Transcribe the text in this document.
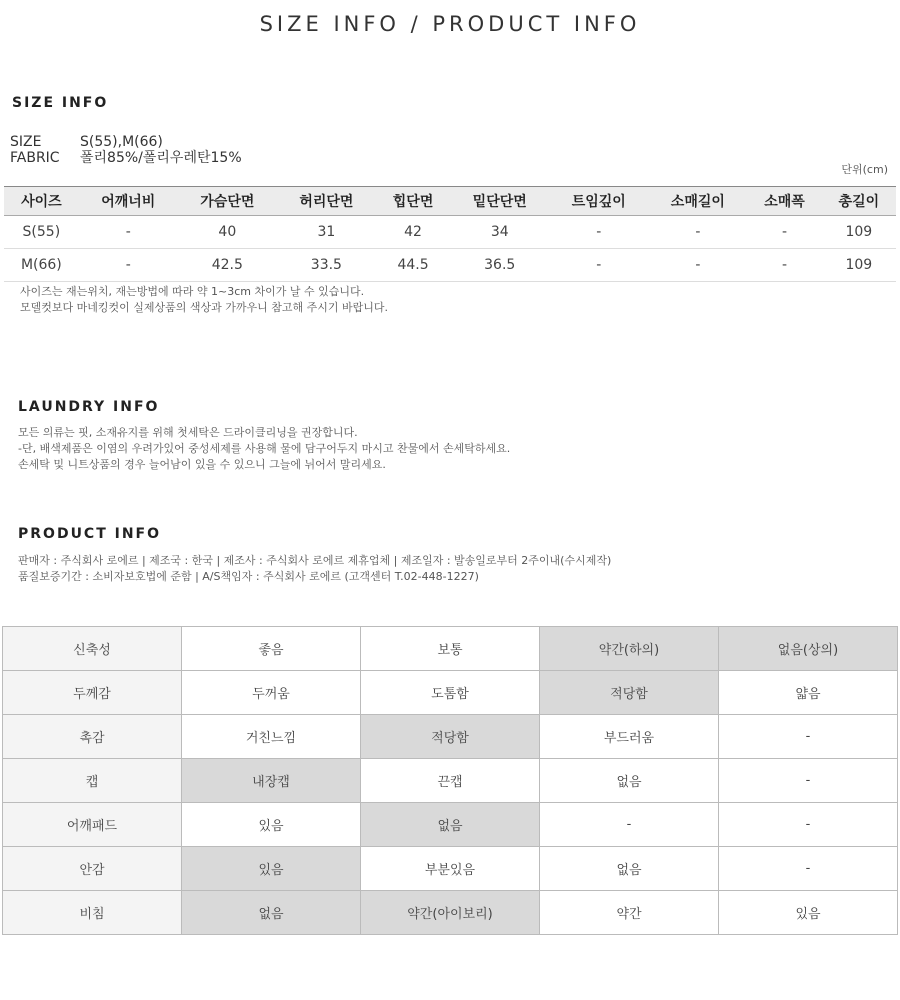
SIZE INFO / PRODUCT INFO
SIZE INFO
SIZE	S(55),M(66)
FABRIC 폴리85%/폴리우레탄15%
단위(cm)
사이즈	어깨너비	가슴단면	허리단면	힙단면	밑단단면	트임깊이	소매길이	소매폭	총길이
S(55)	-	40	31	42	34	-	-	-	109
M(66)	-	42.5	33.5	44.5	36.5	-	-	-	109
사이즈는 재는위치, 재는방법에 따라 약 1~3cm 차이가 날 수 있습니다.
모델컷보다 마네킹컷이 실제상품의 색상과 가까우니 참고해 주시기 바랍니다.
LAUNDRY INFO
모든 의류는 핏, 소재유지를 위해 첫세탁은 드라이클리닝을 권장합니다.
-단, 배색제품은 이염의 우려가있어 중성세제를 사용해 물에 담구어두지 마시고 찬물에서 손세탁하세요.
손세탁 및 니트상품의 경우 늘어남이 있을 수 있으니 그늘에 뉘어서 말리세요.
PRODUCT INFO
판매자 : 주식회사 로에르 | 제조국 : 한국 | 제조사 : 주식회사 로에르 제휴업체 | 제조일자 : 발송일로부터 2주이내(수시제작)
품질보증기간 : 소비자보호법에 준함 | A/S책임자 : 주식회사 로에르 (고객센터 T.02-448-1227)
신축성	좋음	보통	약간(하의)	없음(상의)
두께감	두꺼움	도톰함	적당함	얇음
촉감	거친느낌	적당함	부드러움	-
캡	내장캡	끈캡	없음	-
어깨패드	있음	없음	-	-
안감	있음	부분있음	없음	-
비침	없음	약간(아이보리)	약간	있음
